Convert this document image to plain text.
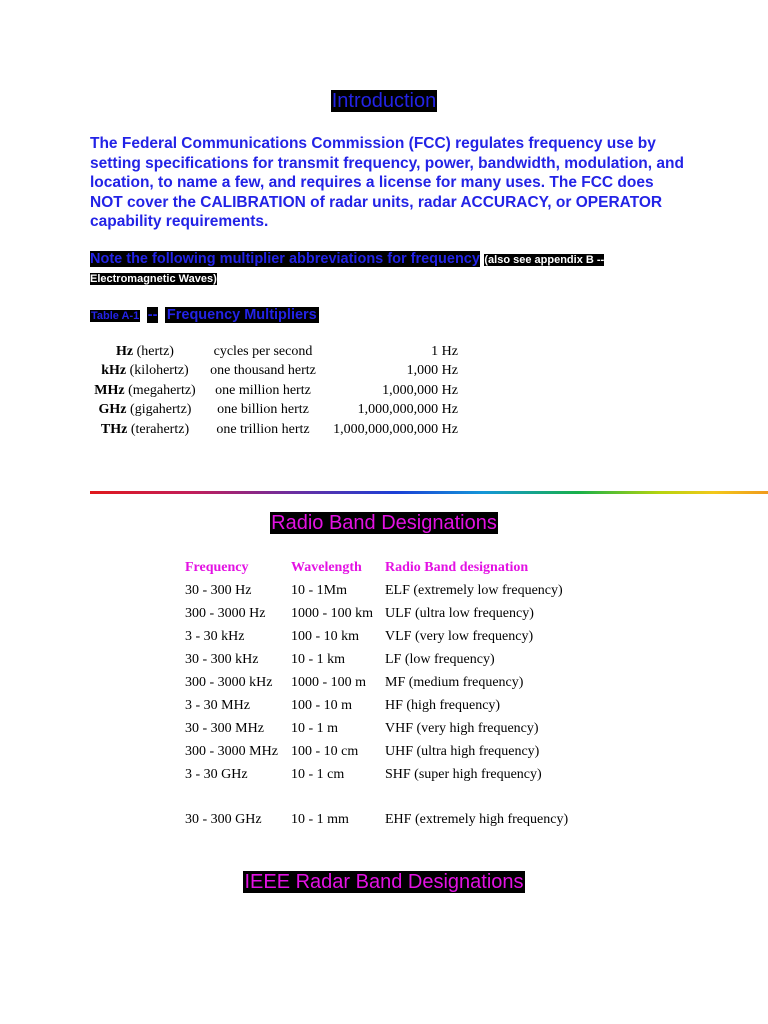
Introduction
The Federal Communications Commission (FCC) regulates frequency use by setting specifications for transmit frequency, power, bandwidth, modulation, and location, to name a few, and requires a license for many uses. The FCC does NOT cover the CALIBRATION of radar units, radar ACCURACY, or OPERATOR capability requirements.
Note the following multiplier abbreviations for frequency (also see appendix B -- Electromagnetic Waves)
Table A-1 -- Frequency Multipliers
Hz (hertz)	cycles per second	1 Hz
kHz (kilohertz)	one thousand hertz	1,000 Hz
MHz (megahertz)	one million hertz	1,000,000 Hz
GHz (gigahertz)	one billion hertz	1,000,000,000 Hz
THz (terahertz)	one trillion hertz	1,000,000,000,000 Hz
Radio Band Designations
Frequency	Wavelength	Radio Band designation
30 - 300 Hz	10 - 1Mm	ELF (extremely low frequency)
300 - 3000 Hz	1000 - 100 km	ULF (ultra low frequency)
3 - 30 kHz	100 - 10 km	VLF (very low frequency)
30 - 300 kHz	10 - 1 km	LF (low frequency)
300 - 3000 kHz	1000 - 100 m	MF (medium frequency)
3 - 30 MHz	100 - 10 m	HF (high frequency)
30 - 300 MHz	10 - 1 m	VHF (very high frequency)
300 - 3000 MHz	100 - 10 cm	UHF (ultra high frequency)
3 - 30 GHz	10 - 1 cm	SHF (super high frequency)
30 - 300 GHz	10 - 1 mm	EHF (extremely high frequency)
IEEE Radar Band Designations
